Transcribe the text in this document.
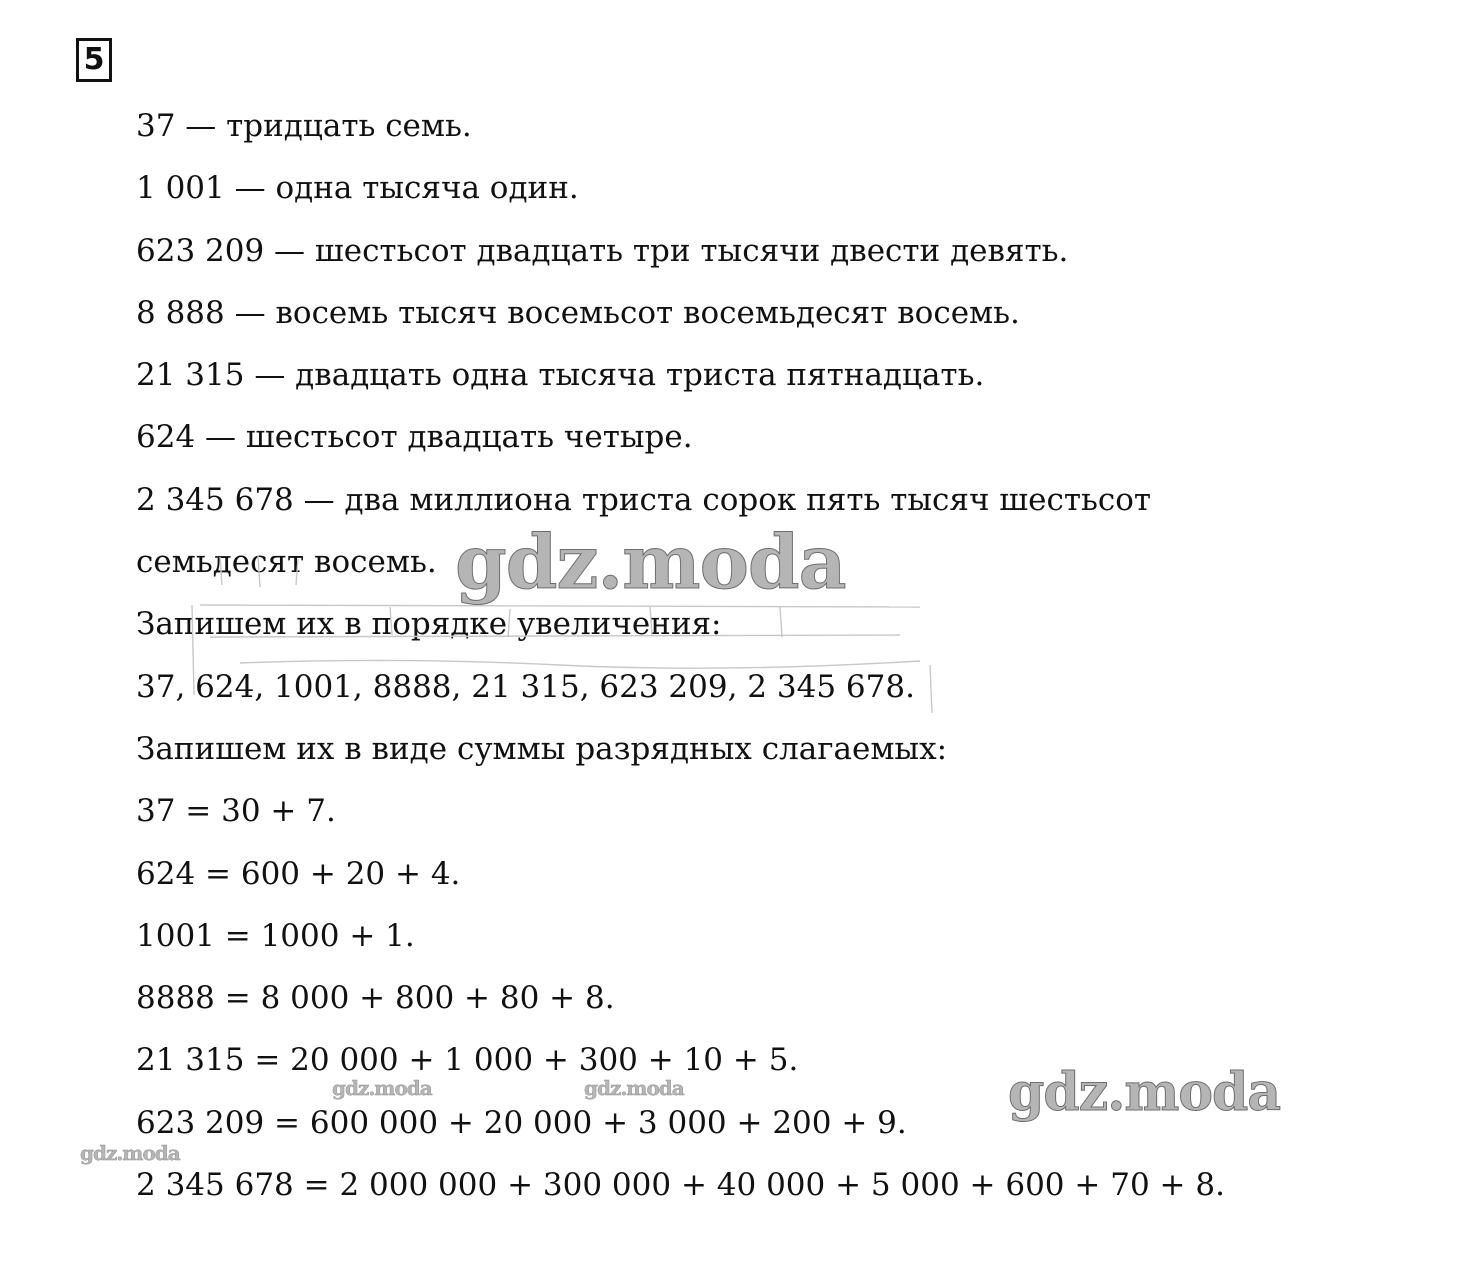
5
37 — тридцать семь.
1 001 — одна тысяча один.
623 209 — шестьсот двадцать три тысячи двести девять.
8 888 — восемь тысяч восемьсот восемьдесят восемь.
21 315 — двадцать одна тысяча триста пятнадцать.
624 — шестьсот двадцать четыре.
2 345 678 — два миллиона триста сорок пять тысяч шестьсот
семьдесят восемь.
Запишем их в порядке увеличения:
37, 624, 1001, 8888, 21 315, 623 209, 2 345 678.
Запишем их в виде суммы разрядных слагаемых:
37 = 30 + 7.
624 = 600 + 20 + 4.
1001 = 1000 + 1.
8888 = 8 000 + 800 + 80 + 8.
21 315 = 20 000 + 1 000 + 300 + 10 + 5.
623 209 = 600 000 + 20 000 + 3 000 + 200 + 9.
2 345 678 = 2 000 000 + 300 000 + 40 000 + 5 000 + 600 + 70 + 8.
gdz.moda
gdz.moda
gdz.moda	gdz.moda
gdz.moda
